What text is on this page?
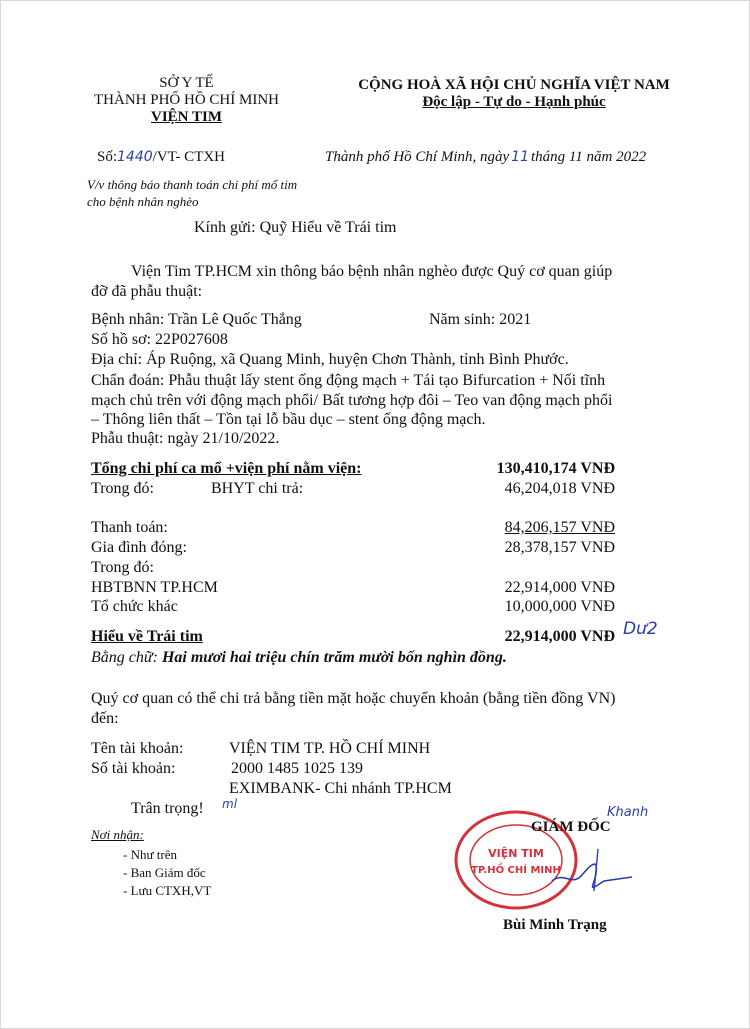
SỞ Y TẾ
THÀNH PHỐ HỒ CHÍ MINH
VIỆN TIM
CỘNG HOÀ XÃ HỘI CHỦ NGHĨA VIỆT NAM
Độc lập - Tự do - Hạnh phúc
Số:1440/VT- CTXH	Thành phố Hồ Chí Minh, ngày 11 tháng 11 năm 2022
V/v thông báo thanh toán chi phí mổ tim
cho bệnh nhân nghèo
Kính gửi: Quỹ Hiểu về Trái tim
Viện Tim TP.HCM xin thông báo bệnh nhân nghèo được Quý cơ quan giúp
đỡ đã phẫu thuật:
Bệnh nhân: Trần Lê Quốc Thắng	Năm sinh: 2021
Số hồ sơ: 22P027608
Địa chỉ: Áp Ruộng, xã Quang Minh, huyện Chơn Thành, tỉnh Bình Phước.
Chẩn đoán: Phẫu thuật lấy stent ống động mạch + Tái tạo Bifurcation + Nối tĩnh
mạch chủ trên với động mạch phổi/ Bất tương hợp đôi – Teo van động mạch phổi
– Thông liên thất – Tồn tại lỗ bầu dục – stent ống động mạch.
Phẫu thuật: ngày 21/10/2022.
Tổng chi phí ca mổ +viện phí nằm viện:	130,410,174 VNĐ
Trong đó:	BHYT chi trả:	46,204,018 VNĐ
Thanh toán:	84,206,157 VNĐ
Gia đình đóng:	28,378,157 VNĐ
Trong đó:
HBTBNN TP.HCM	22,914,000 VNĐ
Tổ chức khác	10,000,000 VNĐ
Hiểu về Trái tim	22,914,000 VNĐ Dư2
Bằng chữ: Hai mươi hai triệu chín trăm mười bốn nghìn đồng.
Quý cơ quan có thể chi trả bằng tiền mặt hoặc chuyển khoản (bằng tiền đồng VN)
đến:
Tên tài khoản:	VIỆN TIM TP. HỒ CHÍ MINH
Số tài khoản:	2000 1485 1025 139
EXIMBANK- Chi nhánh TP.HCM
Trân trọng! ml
Nơi nhận:
- Như trên
- Ban Giám đốc
- Lưu CTXH,VT
VIỆN TIM
TP.HỒ CHÍ MINH
GIÁM ĐỐC
Khanh
Bùi Minh Trạng
